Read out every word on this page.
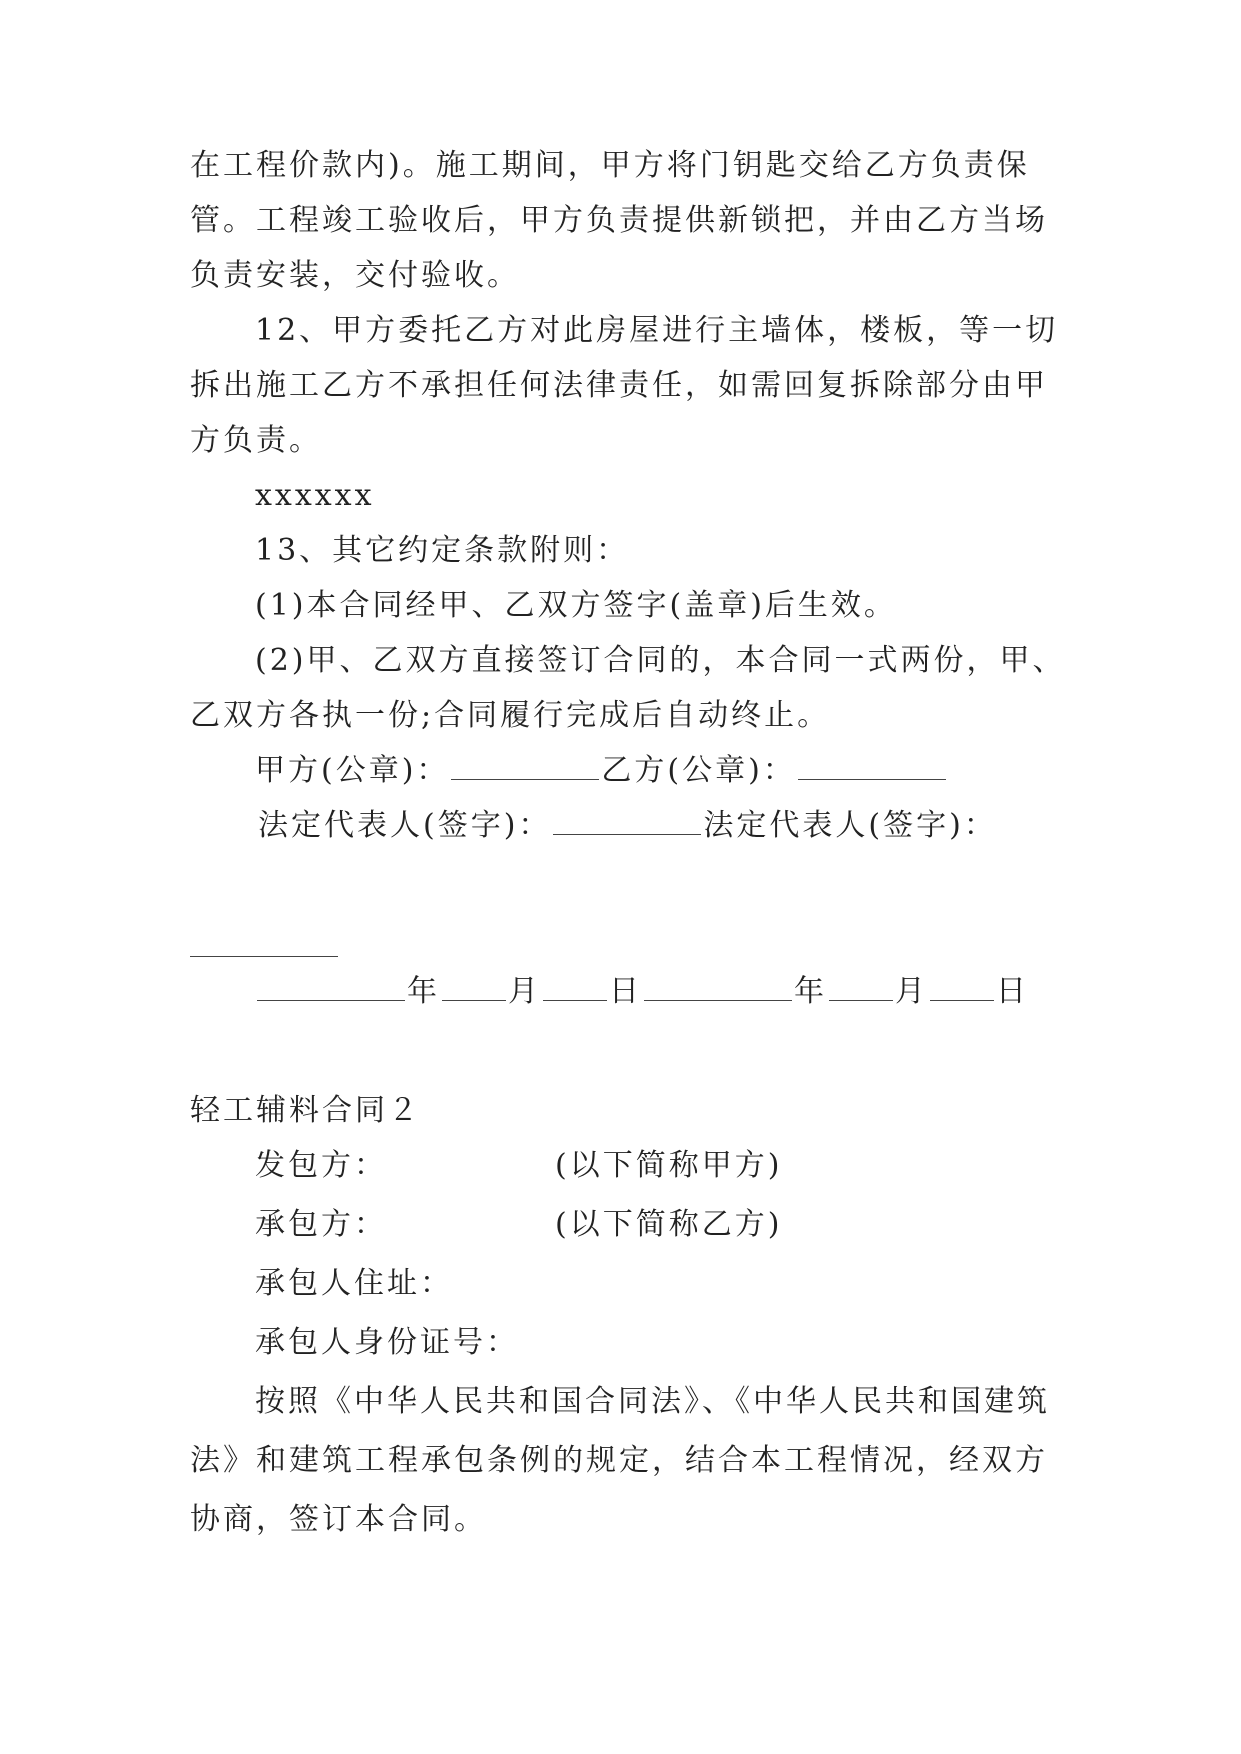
在工程价款内)。施工期间，甲方将门钥匙交给乙方负责保
管。工程竣工验收后，甲方负责提供新锁把，并由乙方当场
负责安装，交付验收。
12、甲方委托乙方对此房屋进行主墙体，楼板，等一切
拆出施工乙方不承担任何法律责任，如需回复拆除部分由甲
方负责。
xxxxxx
13、其它约定条款附则：
(1)本合同经甲、乙双方签字(盖章)后生效。
(2)甲、乙双方直接签订合同的，本合同一式两份，甲、
乙双方各执一份;合同履行完成后自动终止。
甲方(公章)：	乙方(公章)：
法定代表人(签字)：	法定代表人(签字)：
年 月 日	年 月 日
轻工辅料合同２
发包方：	(以下简称甲方)
承包方：	(以下简称乙方)
承包人住址：
承包人身份证号：
按照《中华人民共和国合同法》、《中华人民共和国建筑
法》和建筑工程承包条例的规定，结合本工程情况，经双方
协商，签订本合同。
